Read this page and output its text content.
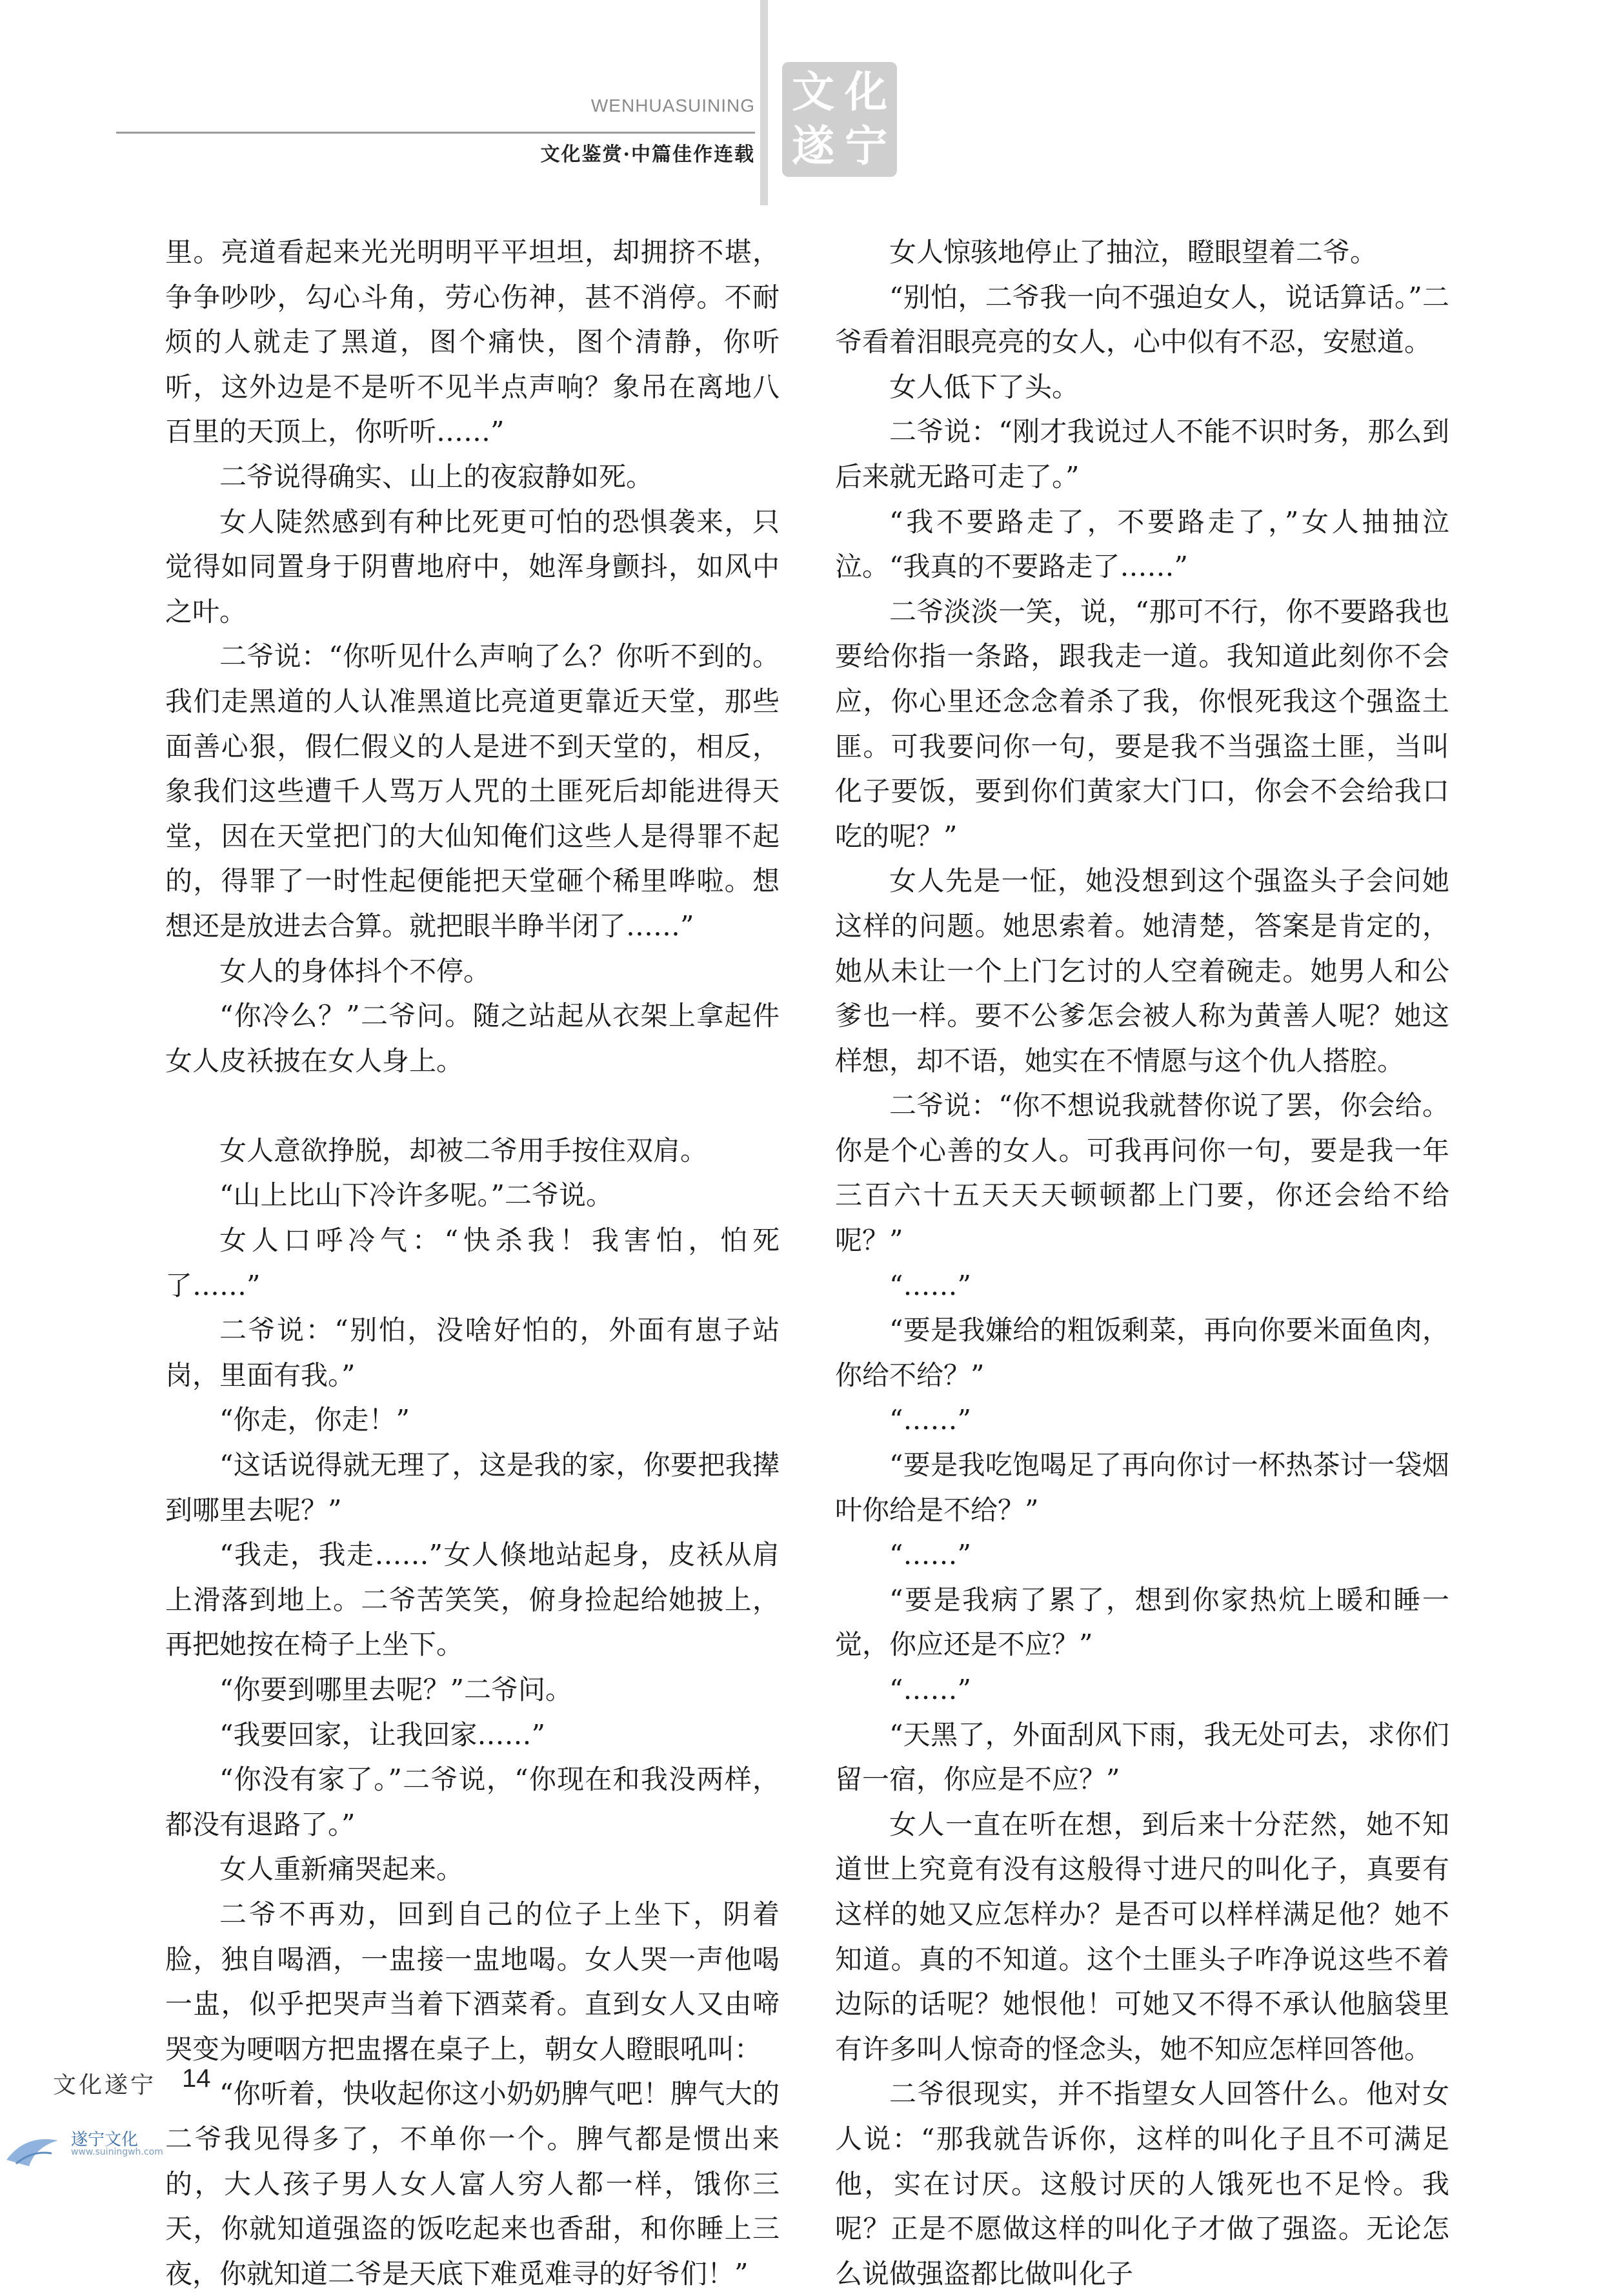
WENHUASUINING
文化鉴赏·中篇佳作连载
文 化
遂 宁

里。亮道看起来光光明明平平坦坦，却拥挤不堪，争争吵吵，勾心斗角，劳心伤神，甚不消停。不耐烦的人就走了黑道，图个痛快，图个清静，你听听，这外边是不是听不见半点声响？象吊在离地八百里的天顶上，你听听……”

二爷说得确实、山上的夜寂静如死。

女人陡然感到有种比死更可怕的恐惧袭来，只觉得如同置身于阴曹地府中，她浑身颤抖，如风中之叶。

二爷说：“你听见什么声响了么？你听不到的。我们走黑道的人认准黑道比亮道更靠近天堂，那些面善心狠，假仁假义的人是进不到天堂的，相反，象我们这些遭千人骂万人咒的土匪死后却能进得天堂，因在天堂把门的大仙知俺们这些人是得罪不起的，得罪了一时性起便能把天堂砸个稀里哗啦。想想还是放进去合算。就把眼半睁半闭了……”

女人的身体抖个不停。

“你冷么？”二爷问。随之站起从衣架上拿起件女人皮袄披在女人身上。

女人意欲挣脱，却被二爷用手按住双肩。

“山上比山下冷许多呢。”二爷说。

女人口呼冷气：“快杀我！我害怕，怕死了……”

二爷说：“别怕，没啥好怕的，外面有崽子站岗，里面有我。”

“你走，你走！”

“这话说得就无理了，这是我的家，你要把我撵到哪里去呢？”

“我走，我走……”女人倏地站起身，皮袄从肩上滑落到地上。二爷苦笑笑，俯身捡起给她披上，再把她按在椅子上坐下。

“你要到哪里去呢？”二爷问。

“我要回家，让我回家……”

“你没有家了。”二爷说，“你现在和我没两样，都没有退路了。”

女人重新痛哭起来。

二爷不再劝，回到自己的位子上坐下，阴着脸，独自喝酒，一盅接一盅地喝。女人哭一声他喝一盅，似乎把哭声当着下酒菜肴。直到女人又由啼哭变为哽咽方把盅撂在桌子上，朝女人瞪眼吼叫：

“你听着，快收起你这小奶奶脾气吧！脾气大的二爷我见得多了，不单你一个。脾气都是惯出来的，大人孩子男人女人富人穷人都一样，饿你三天，你就知道强盗的饭吃起来也香甜，和你睡上三夜，你就知道二爷是天底下难觅难寻的好爷们！”

女人惊骇地停止了抽泣，瞪眼望着二爷。

“别怕，二爷我一向不强迫女人，说话算话。”二爷看着泪眼亮亮的女人，心中似有不忍，安慰道。

女人低下了头。

二爷说：“刚才我说过人不能不识时务，那么到后来就无路可走了。”

“我不要路走了，不要路走了，”女人抽抽泣泣。“我真的不要路走了……”

二爷淡淡一笑，说，“那可不行，你不要路我也要给你指一条路，跟我走一道。我知道此刻你不会应，你心里还念念着杀了我，你恨死我这个强盗土匪。可我要问你一句，要是我不当强盗土匪，当叫化子要饭，要到你们黄家大门口，你会不会给我口吃的呢？”

女人先是一怔，她没想到这个强盗头子会问她这样的问题。她思索着。她清楚，答案是肯定的，她从未让一个上门乞讨的人空着碗走。她男人和公爹也一样。要不公爹怎会被人称为黄善人呢？她这样想，却不语，她实在不情愿与这个仇人搭腔。

二爷说：“你不想说我就替你说了罢，你会给。你是个心善的女人。可我再问你一句，要是我一年三百六十五天天天顿顿都上门要，你还会给不给呢？”

“……”

“要是我嫌给的粗饭剩菜，再向你要米面鱼肉，你给不给？”

“……”

“要是我吃饱喝足了再向你讨一杯热茶讨一袋烟叶你给是不给？”

“……”

“要是我病了累了，想到你家热炕上暖和睡一觉，你应还是不应？”

“……”

“天黑了，外面刮风下雨，我无处可去，求你们留一宿，你应是不应？”

女人一直在听在想，到后来十分茫然，她不知道世上究竟有没有这般得寸进尺的叫化子，真要有这样的她又应怎样办？是否可以样样满足他？她不知道。真的不知道。这个土匪头子咋净说这些不着边际的话呢？她恨他！可她又不得不承认他脑袋里有许多叫人惊奇的怪念头，她不知应怎样回答他。

二爷很现实，并不指望女人回答什么。他对女人说：“那我就告诉你，这样的叫化子且不可满足他，实在讨厌。这般讨厌的人饿死也不足怜。我呢？正是不愿做这样的叫化子才做了强盗。无论怎么说做强盗都比做叫化子

文化遂宁 14
遂宁文化
www.suiningwh.com
